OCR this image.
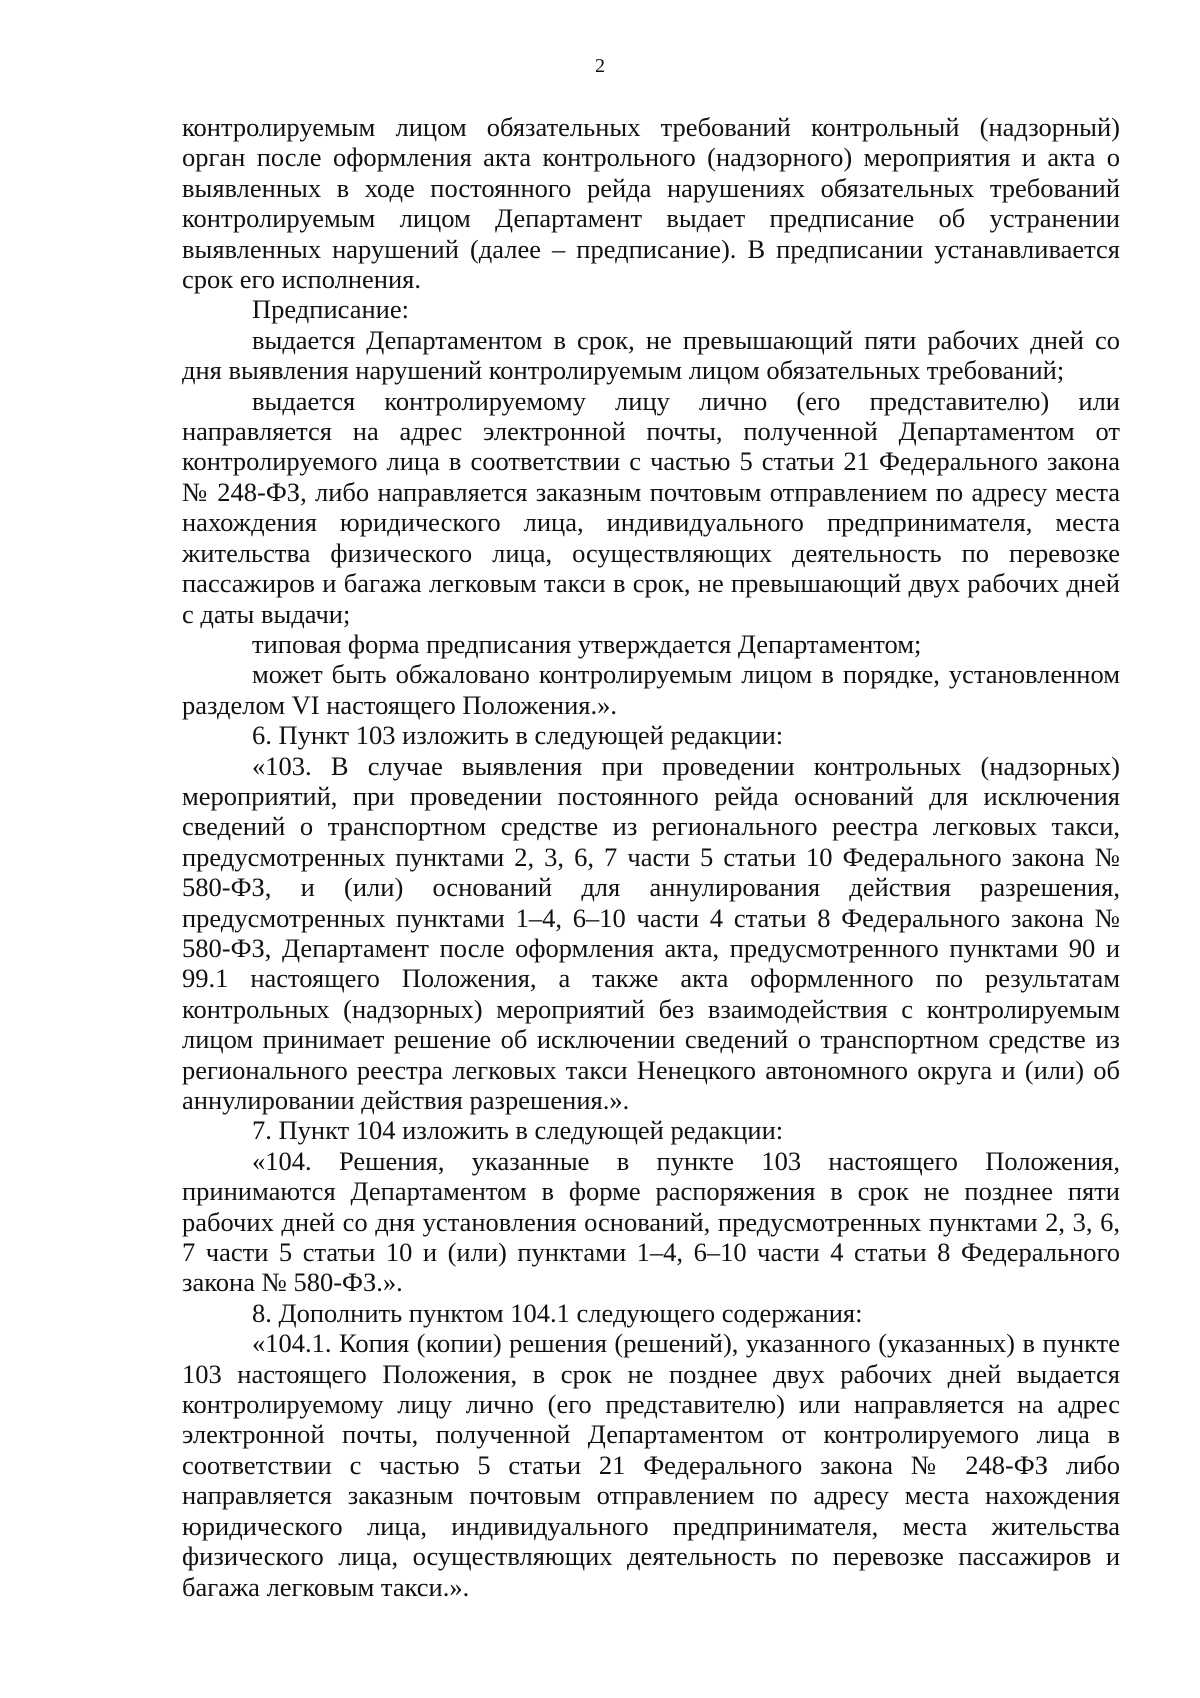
2

контролируемым лицом обязательных требований контрольный (надзорный) орган после оформления акта контрольного (надзорного) мероприятия и акта о выявленных в ходе постоянного рейда нарушениях обязательных требований контролируемым лицом Департамент выдает предписание об устранении выявленных нарушений (далее – предписание). В предписании устанавливается срок его исполнения.

Предписание:

выдается Департаментом в срок, не превышающий пяти рабочих дней со дня выявления нарушений контролируемым лицом обязательных требований;

выдается контролируемому лицу лично (его представителю) или направляется на адрес электронной почты, полученной Департаментом от контролируемого лица в соответствии с частью 5 статьи 21 Федерального закона № 248-ФЗ, либо направляется заказным почтовым отправлением по адресу места нахождения юридического лица, индивидуального предпринимателя, места жительства физического лица, осуществляющих деятельность по перевозке пассажиров и багажа легковым такси в срок, не превышающий двух рабочих дней с даты выдачи;

типовая форма предписания утверждается Департаментом;

может быть обжаловано контролируемым лицом в порядке, установленном разделом VI настоящего Положения.».

6. Пункт 103 изложить в следующей редакции:

«103. В случае выявления при проведении контрольных (надзорных) мероприятий, при проведении постоянного рейда оснований для исключения сведений о транспортном средстве из регионального реестра легковых такси, предусмотренных пунктами 2, 3, 6, 7 части 5 статьи 10 Федерального закона № 580-ФЗ, и (или) оснований для аннулирования действия разрешения, предусмотренных пунктами 1–4, 6–10 части 4 статьи 8 Федерального закона № 580-ФЗ, Департамент после оформления акта, предусмотренного пунктами 90 и 99.1 настоящего Положения, а также акта оформленного по результатам контрольных (надзорных) мероприятий без взаимодействия с контролируемым лицом принимает решение об исключении сведений о транспортном средстве из регионального реестра легковых такси Ненецкого автономного округа и (или) об аннулировании действия разрешения.».

7. Пункт 104 изложить в следующей редакции:

«104. Решения, указанные в пункте 103 настоящего Положения, принимаются Департаментом в форме распоряжения в срок не позднее пяти рабочих дней со дня установления оснований, предусмотренных пунктами 2, 3, 6, 7 части 5 статьи 10 и (или) пунктами 1–4, 6–10 части 4 статьи 8 Федерального закона № 580-ФЗ.».

8. Дополнить пунктом 104.1 следующего содержания:

«104.1. Копия (копии) решения (решений), указанного (указанных) в пункте 103 настоящего Положения, в срок не позднее двух рабочих дней выдается контролируемому лицу лично (его представителю) или направляется на адрес электронной почты, полученной Департаментом от контролируемого лица в соответствии с частью 5 статьи 21 Федерального закона № 248-ФЗ либо направляется заказным почтовым отправлением по адресу места нахождения юридического лица, индивидуального предпринимателя, места жительства физического лица, осуществляющих деятельность по перевозке пассажиров и багажа легковым такси.».
